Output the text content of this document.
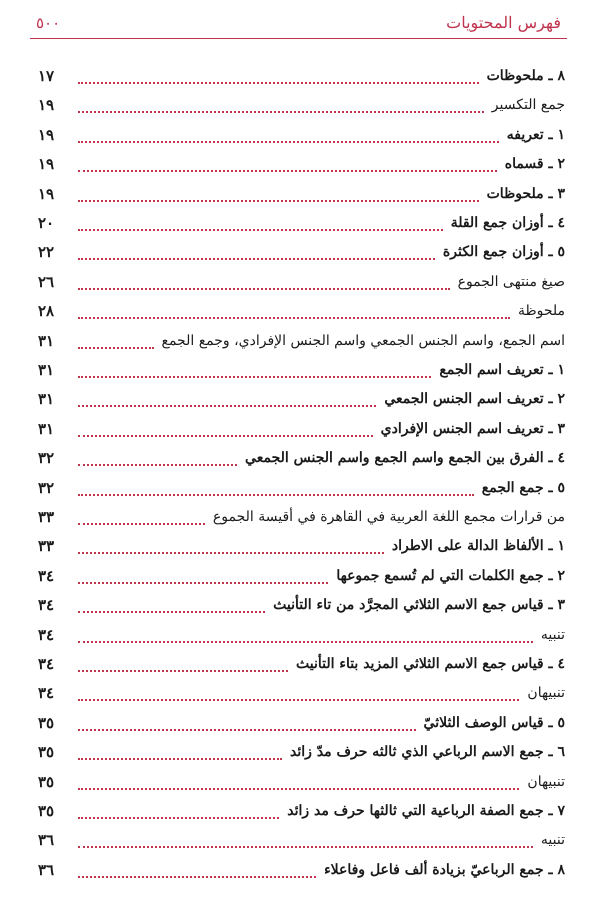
٥٠٠	فهرس المحتويات
١٧	٨ ـ ملحوظات
١٩	جمع التكسير
١٩	١ ـ تعريفه
١٩	٢ ـ قسماه
١٩	٣ ـ ملحوظات
٢٠	٤ ـ أوزان جمع القلة
٢٢	٥ ـ أوزان جمع الكثرة
٢٦	صيغ منتهى الجموع
٢٨	ملحوظة
٣١	اسم الجمع، واسم الجنس الجمعي واسم الجنس الإفرادي، وجمع الجمع
٣١	١ ـ تعريف اسم الجمع
٣١	٢ ـ تعريف اسم الجنس الجمعي
٣١	٣ ـ تعريف اسم الجنس الإفرادي
٣٢	٤ ـ الفرق بين الجمع واسم الجمع واسم الجنس الجمعي
٣٢	٥ ـ جمع الجمع
٣٣	من قرارات مجمع اللغة العربية في القاهرة في أقيسة الجموع
٣٣	١ ـ الألفاظ الدالة على الاطراد
٣٤	٢ ـ جمع الكلمات التي لم تُسمع جموعها
٣٤	٣ ـ قياس جمع الاسم الثلاثي المجرَّد من تاء التأنيث
٣٤	تنبيه
٣٤	٤ ـ قياس جمع الاسم الثلاثي المزيد بتاء التأنيث
٣٤	تنبيهان
٣٥	٥ ـ قياس الوصف الثلاثيّ
٣٥	٦ ـ جمع الاسم الرباعي الذي ثالثه حرف مدّ زائد
٣٥	تنبيهان
٣٥	٧ ـ جمع الصفة الرباعية التي ثالثها حرف مد زائد
٣٦	تنبيه
٣٦	٨ ـ جمع الرباعيّ بزيادة ألف فاعل وفاعلاء
